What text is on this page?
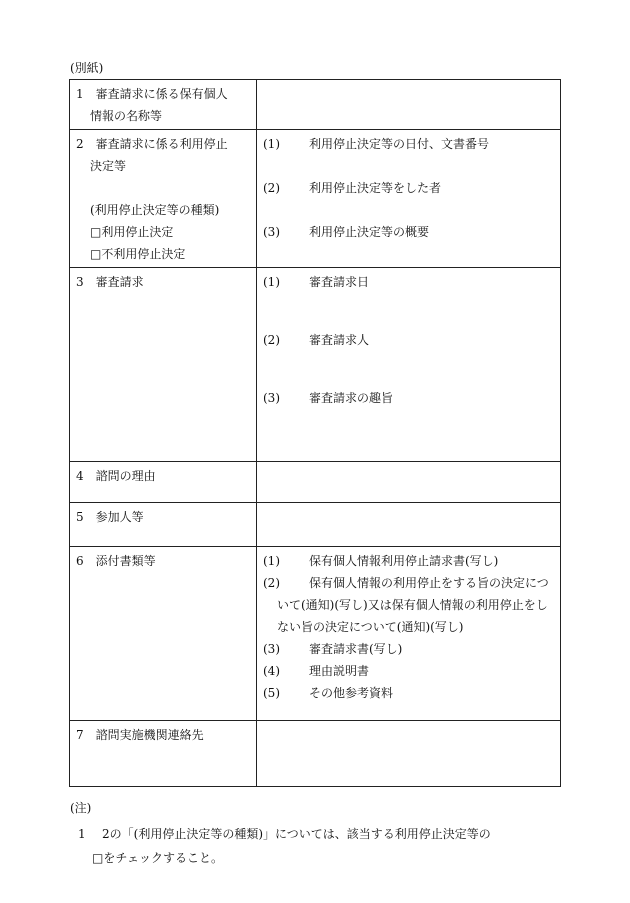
(別紙)
1　 審査請求に係る保有個人
情報の名称等	

2　 審査請求に係る利用停止
決定等
(利用停止決定等の種類)
□利用停止決定
□不利用停止決定	(1) 利用停止決定等の日付、文書番号
(2) 利用停止決定等をした者
(3) 利用停止決定等の概要

3　 審査請求	(1) 審査請求日
(2) 審査請求人
(3) 審査請求の趣旨

4　 諮問の理由	

5　 参加人等	

6　 添付書類等	(1) 保有個人情報利用停止請求書(写し)
(2) 保有個人情報の利用停止をする旨の決定について(通知)(写し)又は保有個人情報の利用停止をしない旨の決定について(通知)(写し)
(3) 審査請求書(写し)
(4) 理由説明書
(5) その他参考資料

7　 諮問実施機関連絡先	

(注)
1 2の「(利用停止決定等の種類)」については、該当する利用停止決定等の
□をチェックすること。
